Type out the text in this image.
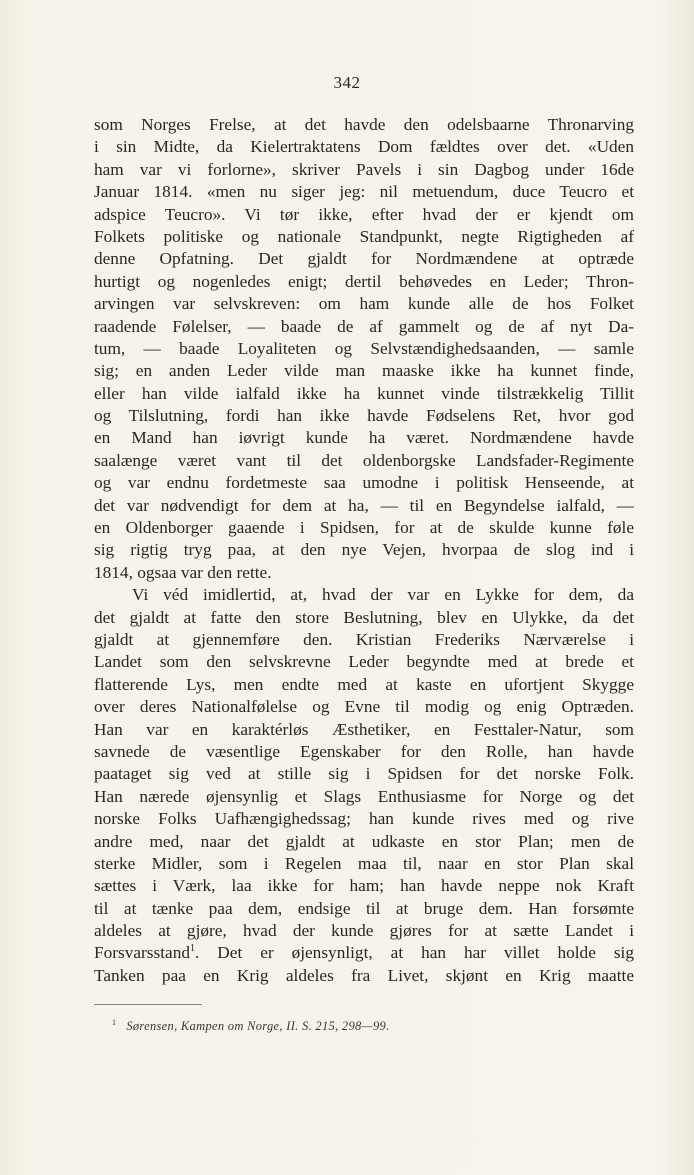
342
som Norges Frelse, at det havde den odelsbaarne Thronarving
i sin Midte, da Kielertraktatens Dom fældtes over det. «Uden
ham var vi forlorne», skriver Pavels i sin Dagbog under 16de
Januar 1814. «men nu siger jeg: nil metuendum, duce Teucro et
adspice Teucro». Vi tør ikke, efter hvad der er kjendt om
Folkets politiske og nationale Standpunkt, negte Rigtigheden af
denne Opfatning. Det gjaldt for Nordmændene at optræde
hurtigt og nogenledes enigt; dertil behøvedes en Leder; Thron-
arvingen var selvskreven: om ham kunde alle de hos Folket
raadende Følelser, — baade de af gammelt og de af nyt Da-
tum, — baade Loyaliteten og Selvstændighedsaanden, — samle
sig; en anden Leder vilde man maaske ikke ha kunnet finde,
eller han vilde ialfald ikke ha kunnet vinde tilstrækkelig Tillit
og Tilslutning, fordi han ikke havde Fødselens Ret, hvor god
en Mand han iøvrigt kunde ha været. Nordmændene havde
saalænge været vant til det oldenborgske Landsfader-Regimente
og var endnu fordetmeste saa umodne i politisk Henseende, at
det var nødvendigt for dem at ha, — til en Begyndelse ialfald, —
en Oldenborger gaaende i Spidsen, for at de skulde kunne føle
sig rigtig tryg paa, at den nye Vejen, hvorpaa de slog ind i
1814, ogsaa var den rette.
Vi véd imidlertid, at, hvad der var en Lykke for dem, da
det gjaldt at fatte den store Beslutning, blev en Ulykke, da det
gjaldt at gjennemføre den. Kristian Frederiks Nærværelse i
Landet som den selvskrevne Leder begyndte med at brede et
flatterende Lys, men endte med at kaste en ufortjent Skygge
over deres Nationalfølelse og Evne til modig og enig Optræden.
Han var en karaktérløs Æsthetiker, en Festtaler-Natur, som
savnede de væsentlige Egenskaber for den Rolle, han havde
paataget sig ved at stille sig i Spidsen for det norske Folk.
Han nærede øjensynlig et Slags Enthusiasme for Norge og det
norske Folks Uafhængighedssag; han kunde rives med og rive
andre med, naar det gjaldt at udkaste en stor Plan; men de
sterke Midler, som i Regelen maa til, naar en stor Plan skal
sættes i Værk, laa ikke for ham; han havde neppe nok Kraft
til at tænke paa dem, endsige til at bruge dem. Han forsømte
aldeles at gjøre, hvad der kunde gjøres for at sætte Landet i
Forsvarsstand$^1$. Det er øjensynligt, at han har villet holde sig
Tanken paa en Krig aldeles fra Livet, skjønt en Krig maatte
$^1$ Sørensen, Kampen om Norge, II. S. 215, 298—99.
